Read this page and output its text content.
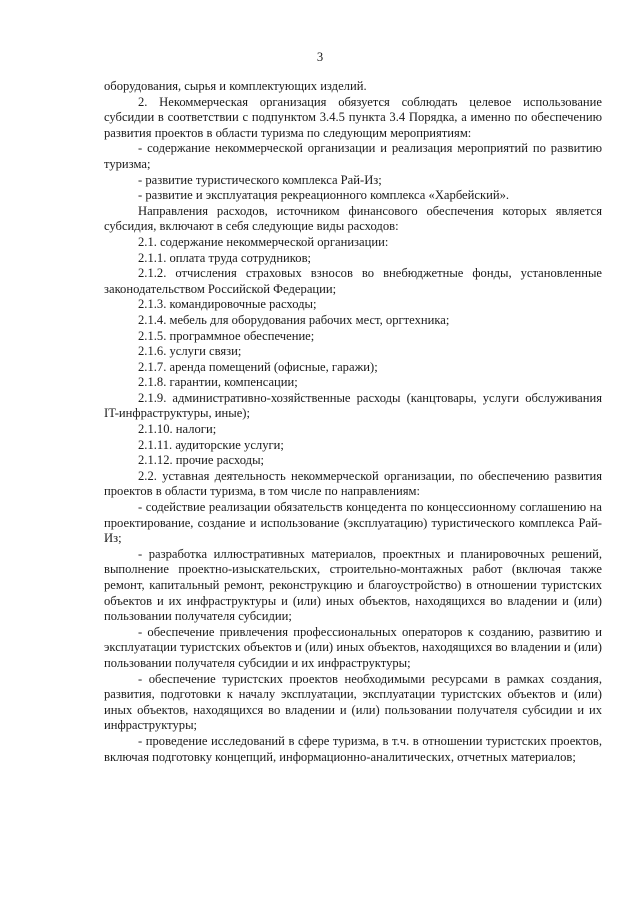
3

оборудования, сырья и комплектующих изделий.

2. Некоммерческая организация обязуется соблюдать целевое использование субсидии в соответствии с подпунктом 3.4.5 пункта 3.4 Порядка, а именно по обеспечению развития проектов в области туризма по следующим мероприятиям:

- содержание некоммерческой организации и реализация мероприятий по развитию туризма;

- развитие туристического комплекса Рай-Из;

- развитие и эксплуатация рекреационного комплекса «Харбейский».

Направления расходов, источником финансового обеспечения которых является субсидия, включают в себя следующие виды расходов:

2.1. содержание некоммерческой организации:

2.1.1. оплата труда сотрудников;

2.1.2. отчисления страховых взносов во внебюджетные фонды, установленные законодательством Российской Федерации;

2.1.3. командировочные расходы;

2.1.4. мебель для оборудования рабочих мест, оргтехника;

2.1.5. программное обеспечение;

2.1.6. услуги связи;

2.1.7. аренда помещений (офисные, гаражи);

2.1.8. гарантии, компенсации;

2.1.9. административно-хозяйственные расходы (канцтовары, услуги обслуживания IT-инфраструктуры, иные);

2.1.10. налоги;

2.1.11. аудиторские услуги;

2.1.12. прочие расходы;

2.2. уставная деятельность некоммерческой организации, по обеспечению развития проектов в области туризма, в том числе по направлениям:

- содействие реализации обязательств концедента по концессионному соглашению на проектирование, создание и использование (эксплуатацию) туристического комплекса Рай-Из;

- разработка иллюстративных материалов, проектных и планировочных решений, выполнение проектно-изыскательских, строительно-монтажных работ (включая также ремонт, капитальный ремонт, реконструкцию и благоустройство) в отношении туристских объектов и их инфраструктуры и (или) иных объектов, находящихся во владении и (или) пользовании получателя субсидии;

- обеспечение привлечения профессиональных операторов к созданию, развитию и эксплуатации туристских объектов и (или) иных объектов, находящихся во владении и (или) пользовании получателя субсидии и их инфраструктуры;

- обеспечение туристских проектов необходимыми ресурсами в рамках создания, развития, подготовки к началу эксплуатации, эксплуатации туристских объектов и (или) иных объектов, находящихся во владении и (или) пользовании получателя субсидии и их инфраструктуры;

- проведение исследований в сфере туризма, в т.ч. в отношении туристских проектов, включая подготовку концепций, информационно-аналитических, отчетных материалов;
